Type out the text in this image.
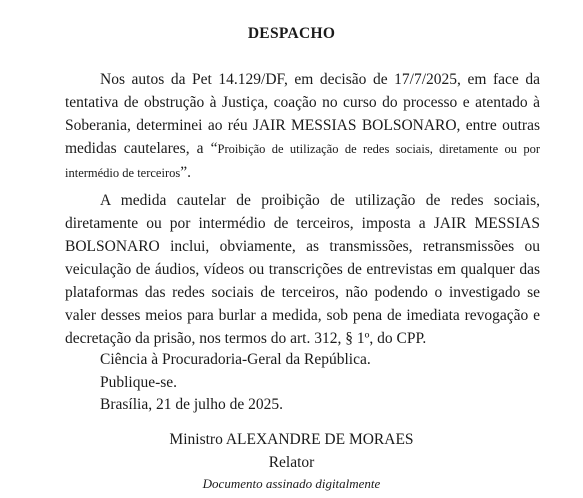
DESPACHO

Nos autos da Pet 14.129/DF, em decisão de 17/7/2025, em face da tentativa de obstrução à Justiça, coação no curso do processo e atentado à Soberania, determinei ao réu JAIR MESSIAS BOLSONARO, entre outras medidas cautelares, a “Proibição de utilização de redes sociais, diretamente ou por intermédio de terceiros”.

A medida cautelar de proibição de utilização de redes sociais, diretamente ou por intermédio de terceiros, imposta a JAIR MESSIAS BOLSONARO inclui, obviamente, as transmissões, retransmissões ou veiculação de áudios, vídeos ou transcrições de entrevistas em qualquer das plataformas das redes sociais de terceiros, não podendo o investigado se valer desses meios para burlar a medida, sob pena de imediata revogação e decretação da prisão, nos termos do art. 312, § 1º, do CPP.

Ciência à Procuradoria-Geral da República.
Publique-se.
Brasília, 21 de julho de 2025.
Ministro ALEXANDRE DE MORAES
Relator
Documento assinado digitalmente
